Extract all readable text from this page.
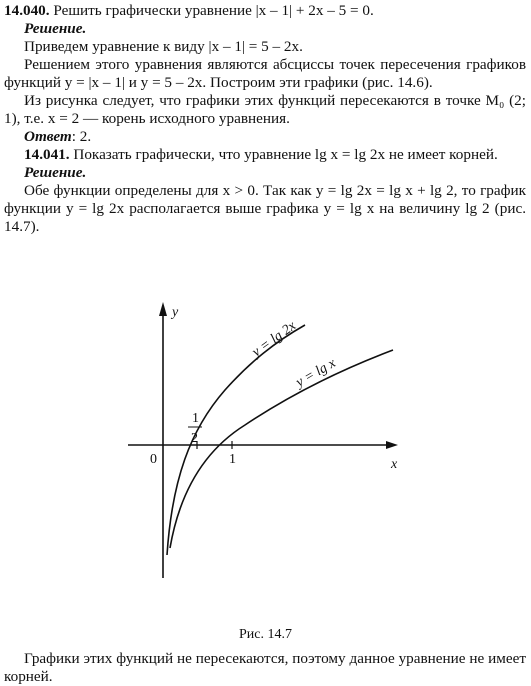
14.040. Решить графически уравнение |x – 1| + 2x – 5 = 0.

Решение.

Приведем уравнение к виду |x – 1| = 5 – 2x.

Решением этого уравнения являются абсциссы точек пересечения графиков функций y = |x – 1| и y = 5 – 2x. Построим эти графики (рис. 14.6).

Из рисунка следует, что графики этих функций пересекаются в точке M₀ (2; 1), т.е. x = 2 — корень исходного уравнения.

Ответ: 2.

14.041. Показать графически, что уравнение lg x = lg 2x не имеет корней.

Решение.

Обе функции определены для x > 0. Так как y = lg 2x = lg x + lg 2, то график функции y = lg 2x располагается выше графика y = lg x на величину lg 2 (рис. 14.7).

y
x
0	1
1
2
y = lg 2x
y = lg x
Рис. 14.7

Графики этих функций не пересекаются, поэтому данное уравнение не имеет корней.
